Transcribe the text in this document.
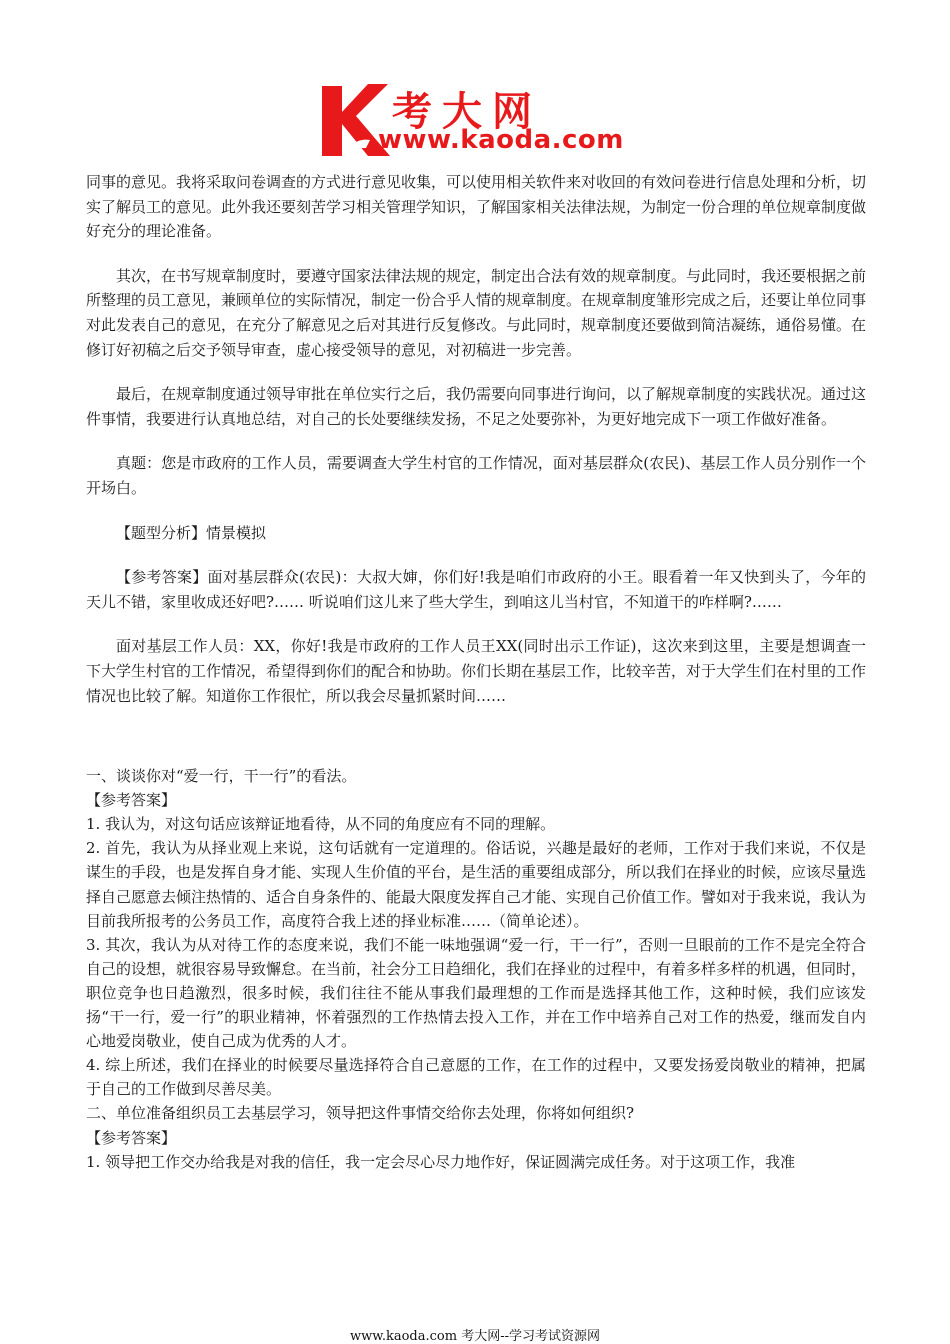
考大网
www.kaoda.com

同事的意见。我将采取问卷调查的方式进行意见收集，可以使用相关软件来对收回的有效问卷进行信息处理和分析，切实了解员工的意见。此外我还要刻苦学习相关管理学知识，了解国家相关法律法规，为制定一份合理的单位规章制度做好充分的理论准备。

其次，在书写规章制度时，要遵守国家法律法规的规定，制定出合法有效的规章制度。与此同时，我还要根据之前所整理的员工意见，兼顾单位的实际情况，制定一份合乎人情的规章制度。在规章制度雏形完成之后，还要让单位同事对此发表自己的意见，在充分了解意见之后对其进行反复修改。与此同时，规章制度还要做到简洁凝练，通俗易懂。在修订好初稿之后交予领导审查，虚心接受领导的意见，对初稿进一步完善。

最后，在规章制度通过领导审批在单位实行之后，我仍需要向同事进行询问，以了解规章制度的实践状况。通过这件事情，我要进行认真地总结，对自己的长处要继续发扬，不足之处要弥补，为更好地完成下一项工作做好准备。

真题：您是市政府的工作人员，需要调查大学生村官的工作情况，面对基层群众(农民)、基层工作人员分别作一个开场白。

【题型分析】情景模拟

【参考答案】面对基层群众(农民)：大叔大婶，你们好!我是咱们市政府的小王。眼看着一年又快到头了，今年的天儿不错，家里收成还好吧?…… 听说咱们这儿来了些大学生，到咱这儿当村官，不知道干的咋样啊?……

面对基层工作人员：XX，你好!我是市政府的工作人员王XX(同时出示工作证)，这次来到这里，主要是想调查一下大学生村官的工作情况，希望得到你们的配合和协助。你们长期在基层工作，比较辛苦，对于大学生们在村里的工作情况也比较了解。知道你工作很忙，所以我会尽量抓紧时间……

一、谈谈你对“爱一行，干一行”的看法。

【参考答案】

1. 我认为，对这句话应该辩证地看待，从不同的角度应有不同的理解。

2. 首先，我认为从择业观上来说，这句话就有一定道理的。俗话说，兴趣是最好的老师，工作对于我们来说，不仅是谋生的手段，也是发挥自身才能、实现人生价值的平台，是生活的重要组成部分，所以我们在择业的时候，应该尽量选择自己愿意去倾注热情的、适合自身条件的、能最大限度发挥自己才能、实现自己价值工作。譬如对于我来说，我认为目前我所报考的公务员工作，高度符合我上述的择业标准……（简单论述）。

3. 其次，我认为从对待工作的态度来说，我们不能一味地强调“爱一行，干一行”，否则一旦眼前的工作不是完全符合自己的设想，就很容易导致懈怠。在当前，社会分工日趋细化，我们在择业的过程中，有着多样多样的机遇，但同时，职位竞争也日趋激烈，很多时候，我们往往不能从事我们最理想的工作而是选择其他工作，这种时候，我们应该发扬“干一行，爱一行”的职业精神，怀着强烈的工作热情去投入工作，并在工作中培养自己对工作的热爱，继而发自内心地爱岗敬业，使自己成为优秀的人才。

4. 综上所述，我们在择业的时候要尽量选择符合自己意愿的工作，在工作的过程中，又要发扬爱岗敬业的精神，把属于自己的工作做到尽善尽美。

二、单位准备组织员工去基层学习，领导把这件事情交给你去处理，你将如何组织?

【参考答案】

1. 领导把工作交办给我是对我的信任，我一定会尽心尽力地作好，保证圆满完成任务。对于这项工作，我准

www.kaoda.com 考大网--学习考试资源网
